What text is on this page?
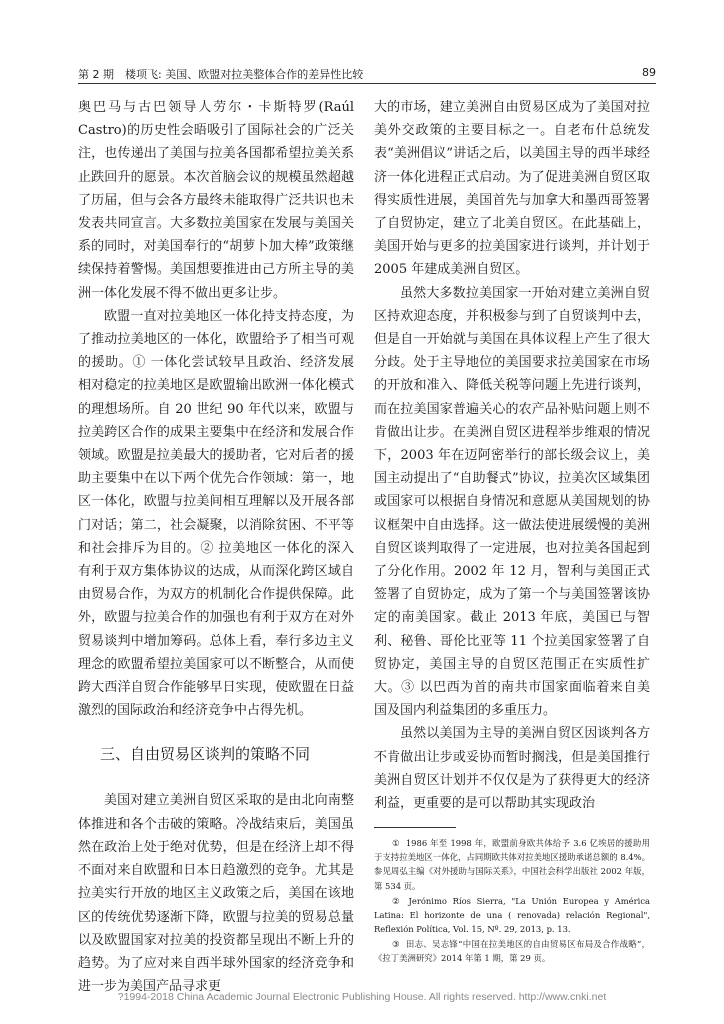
第 2 期　楼项飞: 美国、欧盟对拉美整体合作的差异性比较	89

奥巴马与古巴领导人劳尔・卡斯特罗(Raúl Castro)的历史性会晤吸引了国际社会的广泛关注，也传递出了美国与拉美各国都希望拉美关系止跌回升的愿景。本次首脑会议的规模虽然超越了历届，但与会各方最终未能取得广泛共识也未发表共同宣言。大多数拉美国家在发展与美国关系的同时，对美国奉行的“胡萝卜加大棒”政策继续保持着警惕。美国想要推进由己方所主导的美洲一体化发展不得不做出更多让步。

欧盟一直对拉美地区一体化持支持态度，为了推动拉美地区的一体化，欧盟给予了相当可观的援助。① 一体化尝试较早且政治、经济发展相对稳定的拉美地区是欧盟输出欧洲一体化模式的理想场所。自 20 世纪 90 年代以来，欧盟与拉美跨区合作的成果主要集中在经济和发展合作领域。欧盟是拉美最大的援助者，它对后者的援助主要集中在以下两个优先合作领域：第一，地区一体化，欧盟与拉美间相互理解以及开展各部门对话；第二，社会凝聚，以消除贫困、不平等和社会排斥为目的。② 拉美地区一体化的深入有利于双方集体协议的达成，从而深化跨区域自由贸易合作，为双方的机制化合作提供保障。此外，欧盟与拉美合作的加强也有利于双方在对外贸易谈判中增加筹码。总体上看，奉行多边主义理念的欧盟希望拉美国家可以不断整合，从而使跨大西洋自贸合作能够早日实现，使欧盟在日益激烈的国际政治和经济竞争中占得先机。

三、自由贸易区谈判的策略不同

美国对建立美洲自贸区采取的是由北向南整体推进和各个击破的策略。冷战结束后，美国虽然在政治上处于绝对优势，但是在经济上却不得不面对来自欧盟和日本日趋激烈的竞争。尤其是拉美实行开放的地区主义政策之后，美国在该地区的传统优势逐渐下降，欧盟与拉美的贸易总量以及欧盟国家对拉美的投资都呈现出不断上升的趋势。为了应对来自西半球外国家的经济竞争和进一步为美国产品寻求更

大的市场，建立美洲自由贸易区成为了美国对拉美外交政策的主要目标之一。自老布什总统发表“美洲倡议”讲话之后，以美国主导的西半球经济一体化进程正式启动。为了促进美洲自贸区取得实质性进展，美国首先与加拿大和墨西哥签署了自贸协定，建立了北美自贸区。在此基础上，美国开始与更多的拉美国家进行谈判，并计划于 2005 年建成美洲自贸区。

虽然大多数拉美国家一开始对建立美洲自贸区持欢迎态度，并积极参与到了自贸谈判中去，但是自一开始就与美国在具体议程上产生了很大分歧。处于主导地位的美国要求拉美国家在市场的开放和准入、降低关税等问题上先进行谈判，而在拉美国家普遍关心的农产品补贴问题上则不肯做出让步。在美洲自贸区进程举步维艰的情况下，2003 年在迈阿密举行的部长级会议上，美国主动提出了“自助餐式”协议，拉美次区域集团或国家可以根据自身情况和意愿从美国规划的协议框架中自由选择。这一做法使进展缓慢的美洲自贸区谈判取得了一定进展，也对拉美各国起到了分化作用。2002 年 12 月，智利与美国正式签署了自贸协定，成为了第一个与美国签署该协定的南美国家。截止 2013 年底，美国已与智利、秘鲁、哥伦比亚等 11 个拉美国家签署了自贸协定，美国主导的自贸区范围正在实质性扩大。③ 以巴西为首的南共市国家面临着来自美国及国内利益集团的多重压力。

虽然以美国为主导的美洲自贸区因谈判各方不肯做出让步或妥协而暂时搁浅，但是美国推行美洲自贸区计划并不仅仅是为了获得更大的经济利益，更重要的是可以帮助其实现政治

① 1986 年至 1998 年，欧盟前身欧共体给予 3.6 亿埃居的援助用于支持拉美地区一体化，占同期欧共体对拉美地区援助承诺总额的 8.4%。参见周弘主编《对外援助与国际关系》，中国社会科学出版社 2002 年版，第 534 页。

② Jerónimo Ríos Sierra, "La Unión Europea y América Latina: El horizonte de una ( renovada) relación Regional", Reflexión Política, Vol. 15, Nº. 29, 2013, p. 13.

③ 田志、吴志锋“中国在拉美地区的自由贸易区布局及合作战略”，《拉丁美洲研究》2014 年第 1 期，第 29 页。

?1994-2018 China Academic Journal Electronic Publishing House. All rights reserved. http://www.cnki.net
